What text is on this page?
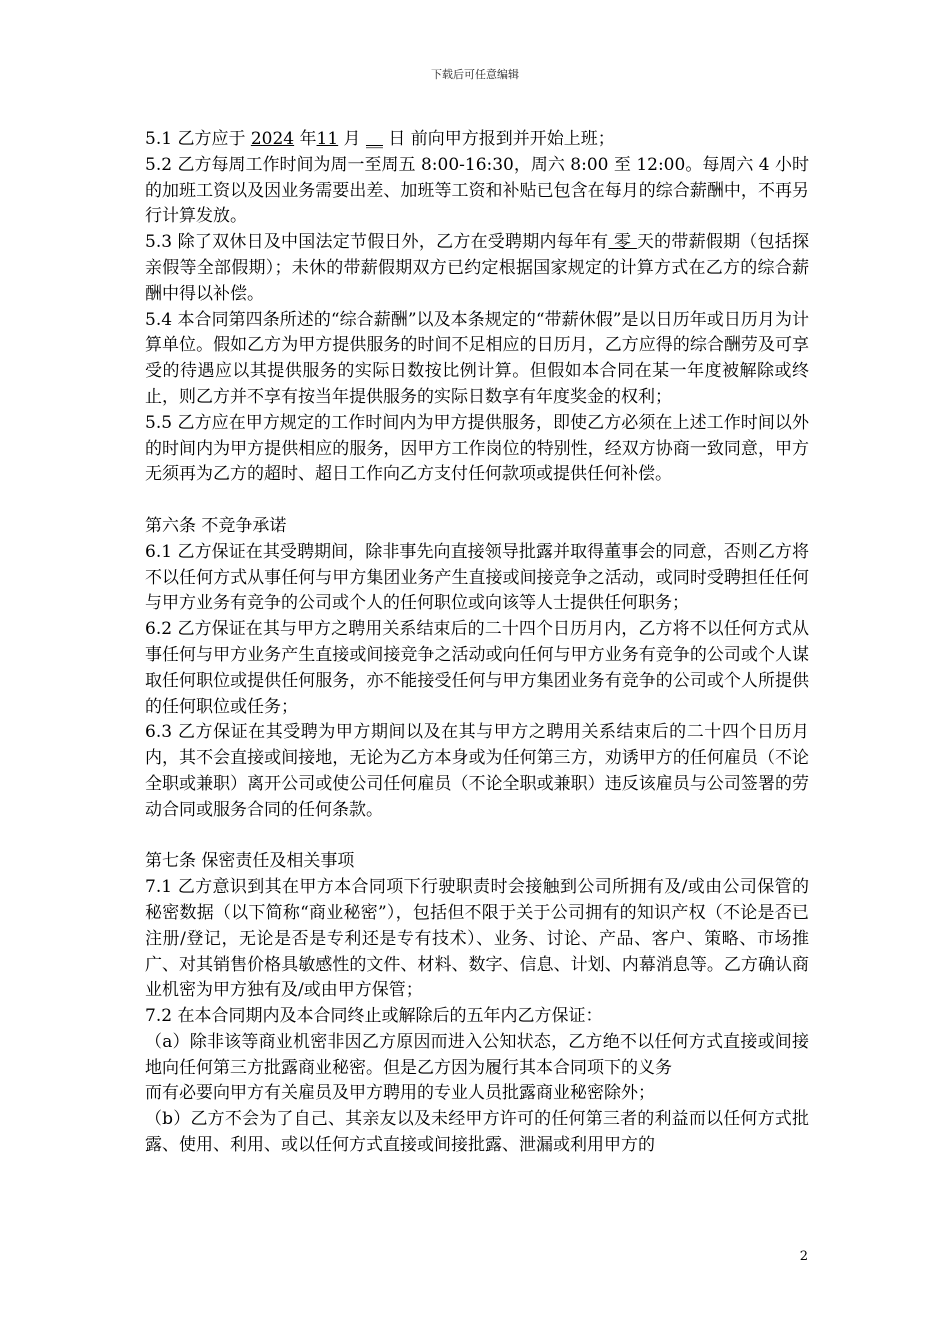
下载后可任意编辑

5.1 乙方应于 2024 年11 月 __ 日 前向甲方报到并开始上班；

5.2 乙方每周工作时间为周一至周五 8:00-16:30，周六 8:00 至 12:00。每周六 4 小时的加班工资以及因业务需要出差、加班等工资和补贴已包含在每月的综合薪酬中，不再另行计算发放。

5.3 除了双休日及中国法定节假日外，乙方在受聘期内每年有 零 天的带薪假期（包括探亲假等全部假期）；未休的带薪假期双方已约定根据国家规定的计算方式在乙方的综合薪酬中得以补偿。

5.4 本合同第四条所述的“综合薪酬”以及本条规定的“带薪休假”是以日历年或日历月为计算单位。假如乙方为甲方提供服务的时间不足相应的日历月，乙方应得的综合酬劳及可享受的待遇应以其提供服务的实际日数按比例计算。但假如本合同在某一年度被解除或终止，则乙方并不享有按当年提供服务的实际日数享有年度奖金的权利；

5.5 乙方应在甲方规定的工作时间内为甲方提供服务，即使乙方必须在上述工作时间以外的时间内为甲方提供相应的服务，因甲方工作岗位的特别性，经双方协商一致同意，甲方无须再为乙方的超时、超日工作向乙方支付任何款项或提供任何补偿。

第六条 不竞争承诺

6.1 乙方保证在其受聘期间，除非事先向直接领导批露并取得董事会的同意，否则乙方将不以任何方式从事任何与甲方集团业务产生直接或间接竞争之活动，或同时受聘担任任何与甲方业务有竞争的公司或个人的任何职位或向该等人士提供任何职务；

6.2 乙方保证在其与甲方之聘用关系结束后的二十四个日历月内，乙方将不以任何方式从事任何与甲方业务产生直接或间接竞争之活动或向任何与甲方业务有竞争的公司或个人谋取任何职位或提供任何服务，亦不能接受任何与甲方集团业务有竞争的公司或个人所提供的任何职位或任务；

6.3 乙方保证在其受聘为甲方期间以及在其与甲方之聘用关系结束后的二十四个日历月内，其不会直接或间接地，无论为乙方本身或为任何第三方，劝诱甲方的任何雇员（不论全职或兼职）离开公司或使公司任何雇员（不论全职或兼职）违反该雇员与公司签署的劳动合同或服务合同的任何条款。

第七条 保密责任及相关事项

7.1 乙方意识到其在甲方本合同项下行驶职责时会接触到公司所拥有及/或由公司保管的秘密数据（以下简称“商业秘密”），包括但不限于关于公司拥有的知识产权（不论是否已注册/登记，无论是否是专利还是专有技术）、业务、讨论、产品、客户、策略、市场推广、对其销售价格具敏感性的文件、材料、数字、信息、计划、内幕消息等。乙方确认商业机密为甲方独有及/或由甲方保管；

7.2 在本合同期内及本合同终止或解除后的五年内乙方保证：

（a）除非该等商业机密非因乙方原因而进入公知状态，乙方绝不以任何方式直接或间接地向任何第三方批露商业秘密。但是乙方因为履行其本合同项下的义务

而有必要向甲方有关雇员及甲方聘用的专业人员批露商业秘密除外；

（b）乙方不会为了自己、其亲友以及未经甲方许可的任何第三者的利益而以任何方式批露、使用、利用、或以任何方式直接或间接批露、泄漏或利用甲方的

2
